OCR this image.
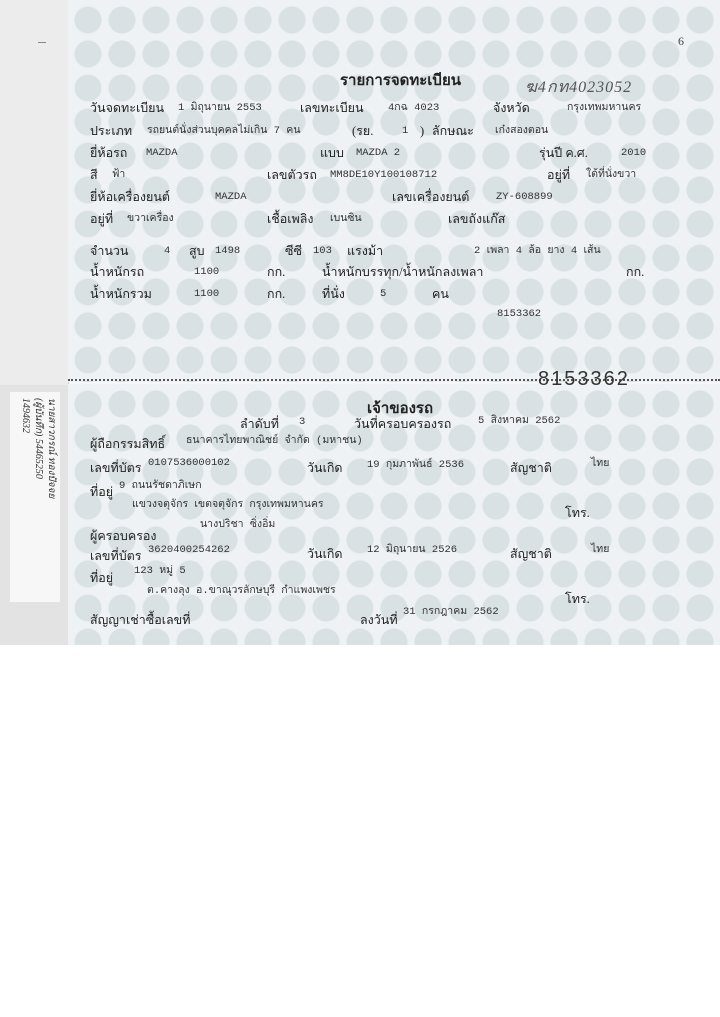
นายสาวกรณ์ ทองปัจจย
(ผู้บันทึก) 54465250
1494632
6
รายการจดทะเบียน	ฆ4กท4023052
วันจดทะเบียน 1 มิถุนายน 2553	เลขทะเบียน 4กฉ 4023	จังหวัด	กรุงเทพมหานคร
ประเภท รถยนต์นั่งส่วนบุคคลไม่เกิน 7 คน	(รย.	1 ) ลักษณะ เก๋งสองตอน
ยี่ห้อรถ MAZDA	แบบ MAZDA 2	รุ่นปี ค.ศ.	2010
สี ฟ้า	เลขตัวรถ MM8DE10Y100108712	อยู่ที่ ใต้ที่นั่งขวา
ยี่ห้อเครื่องยนต์	MAZDA	เลขเครื่องยนต์	ZY-608899
อยู่ที่ ขวาเครื่อง	เชื้อเพลิง เบนซิน	เลขถังแก๊ส
จำนวน	4 สูบ 1498	ซีซี 103 แรงม้า	2 เพลา 4 ล้อ ยาง 4 เส้น
น้ำหนักรถ	1100	กก.	น้ำหนักบรรทุก/น้ำหนักลงเพลา	กก.
น้ำหนักรวม	1100	กก.	ที่นั่ง	5	คน
8153362
8153362
เจ้าของรถ
ลำดับที่ 3	วันที่ครอบครองรถ	5 สิงหาคม 2562
ผู้ถือกรรมสิทธิ์ ธนาคารไทยพาณิชย์ จำกัด (มหาชน)
เลขที่บัตร 0107536000102	วันเกิด 19 กุมภาพันธ์ 2536	สัญชาติ	ไทย
ที่อยู่ 9 ถนนรัชดาภิเษก
แขวงจตุจักร เขตจตุจักร กรุงเทพมหานคร
โทร.
ผู้ครอบครอง
นางปริชา ซิ่งอิ่ม
เลขที่บัตร 3620400254262	วันเกิด 12 มิถุนายน 2526	สัญชาติ	ไทย
ที่อยู่ 123 หมู่ 5
ต.คางลุง อ.ขาณุวรลักษบุรี กำแพงเพชร
โทร.
สัญญาเช่าซื้อเลขที่	ลงวันที่
31 กรกฎาคม 2562
